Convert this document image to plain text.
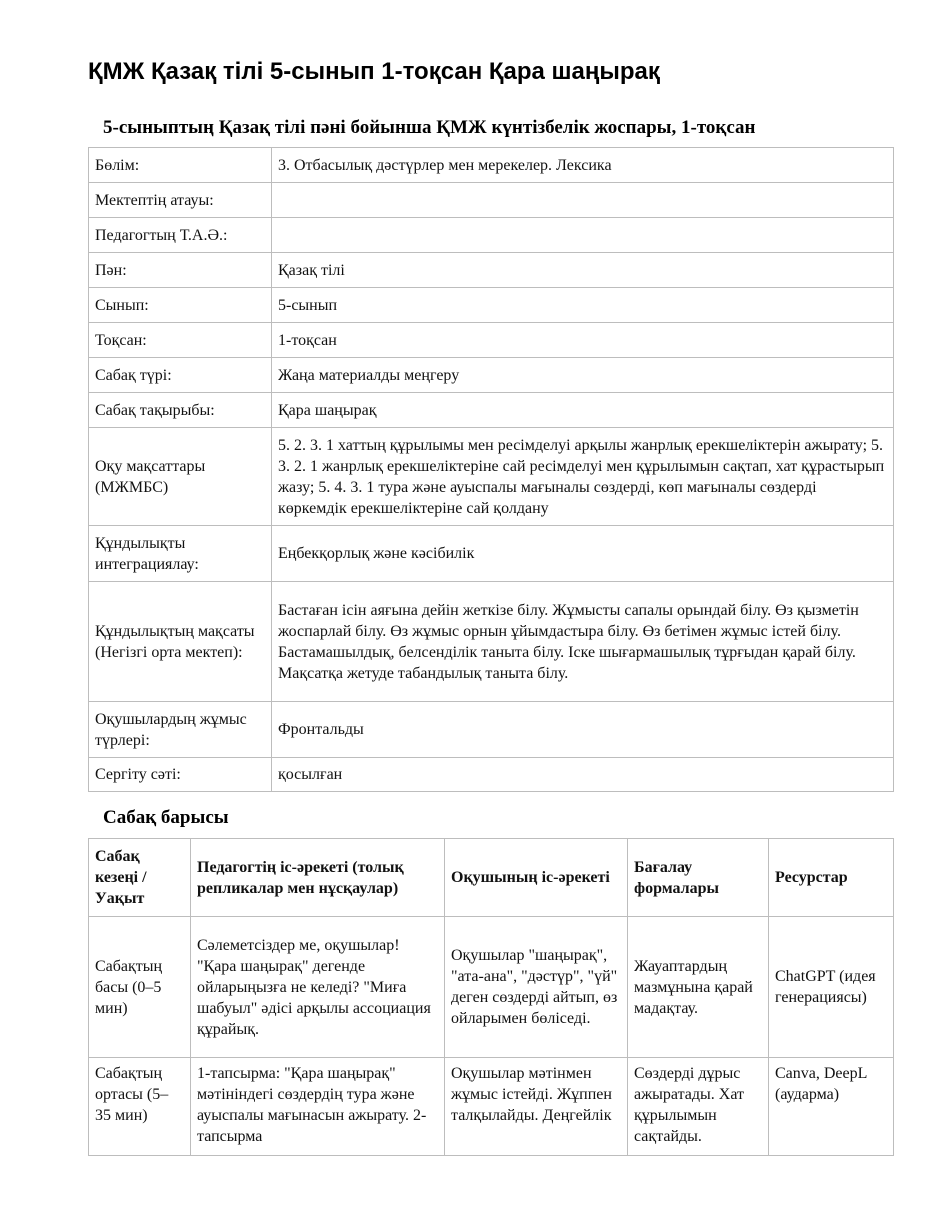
ҚМЖ Қазақ тілі 5-сынып 1-тоқсан Қара шаңырақ
5-сыныптың Қазақ тілі пәні бойынша ҚМЖ күнтізбелік жоспары, 1-тоқсан
Бөлім:	3. Отбасылық дәстүрлер мен мерекелер. Лексика
Мектептің атауы:	
Педагогтың Т.А.Ә.:	
Пән:	Қазақ тілі
Сынып:	5-сынып
Тоқсан:	1-тоқсан
Сабақ түрі:	Жаңа материалды меңгеру
Сабақ тақырыбы:	Қара шаңырақ
Оқу мақсаттары (МЖМБС)	5. 2. 3. 1 хаттың құрылымы мен ресімделуі арқылы жанрлық ерекшеліктерін ажырату; 5. 3. 2. 1 жанрлық ерекшеліктеріне сай ресімделуі мен құрылымын сақтап, хат құрастырып жазу; 5. 4. 3. 1 тура және ауыспалы мағыналы сөздерді, көп мағыналы сөздерді көркемдік ерекшеліктеріне сай қолдану
Құндылықты интеграциялау:	Еңбекқорлық және кәсібилік
Құндылықтың мақсаты (Негізгі орта мектеп):	Бастаған ісін аяғына дейін жеткізе білу. Жұмысты сапалы орындай білу. Өз қызметін жоспарлай білу. Өз жұмыс орнын ұйымдастыра білу. Өз бетімен жұмыс істей білу. Бастамашылдық, белсенділік таныта білу. Іске шығармашылық тұрғыдан қарай білу. Мақсатқа жетуде табандылық таныта білу.
Оқушылардың жұмыс түрлері:	Фронтальды
Сергіту сәті:	қосылған
Сабақ барысы
Сабақ кезеңі / Уақыт	Педагогтің іс-әрекеті (толық репликалар мен нұсқаулар)	Оқушының іс-әрекеті	Бағалау формалары	Ресурстар
Сабақтың басы (0–5 мин)	Сәлеметсіздер ме, оқушылар! "Қара шаңырақ" дегенде ойларыңызға не келеді? "Миға шабуыл" әдісі арқылы ассоциация құрайық.	Оқушылар "шаңырақ", "ата-ана", "дәстүр", "үй" деген сөздерді айтып, өз ойларымен бөліседі.	Жауаптардың мазмұнына қарай мадақтау.	ChatGPT (идея генерациясы)
Сабақтың ортасы (5–35 мин)	1-тапсырма: "Қара шаңырақ" мәтініндегі сөздердің тура және ауыспалы мағынасын ажырату. 2-тапсырма	Оқушылар мәтінмен жұмыс істейді. Жұппен талқылайды. Деңгейлік	Сөздерді дұрыс ажыратады. Хат құрылымын сақтайды.	Canva, DeepL (аударма)
